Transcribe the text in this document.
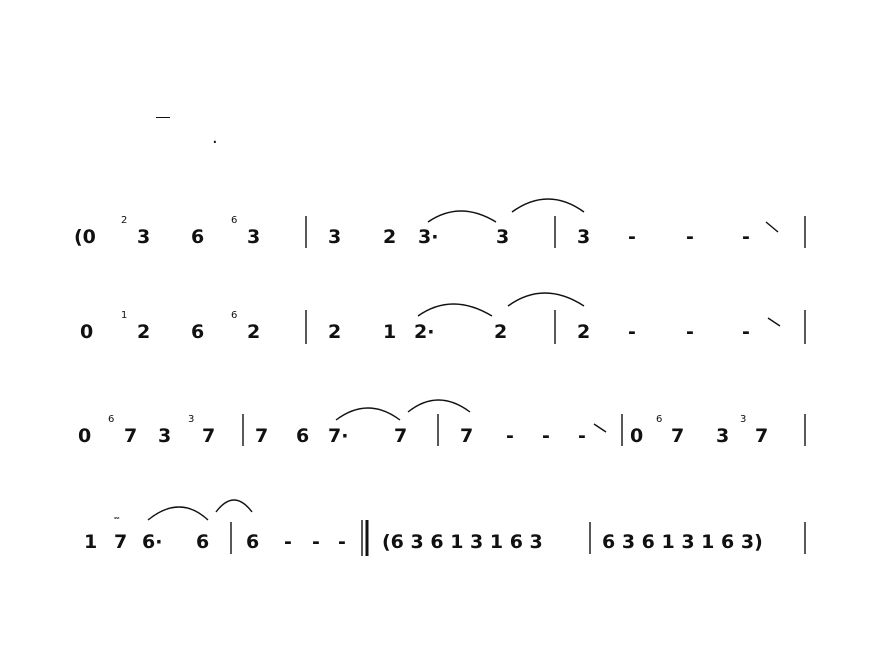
·
(0
2
3 6
6
3	3 2 3·	3	3 -	-	-
0
1
2 6
6
2	2 1 2·	2	2 -	-	-
0
6
7 3
3
7 7 6 7· 7	7 - - - 0
6
7 3
3
7
1
𝆗
7 6· 6 6 - - - (6 3 6 1 3 1 6 3	6 3 6 1 3 1 6 3)
